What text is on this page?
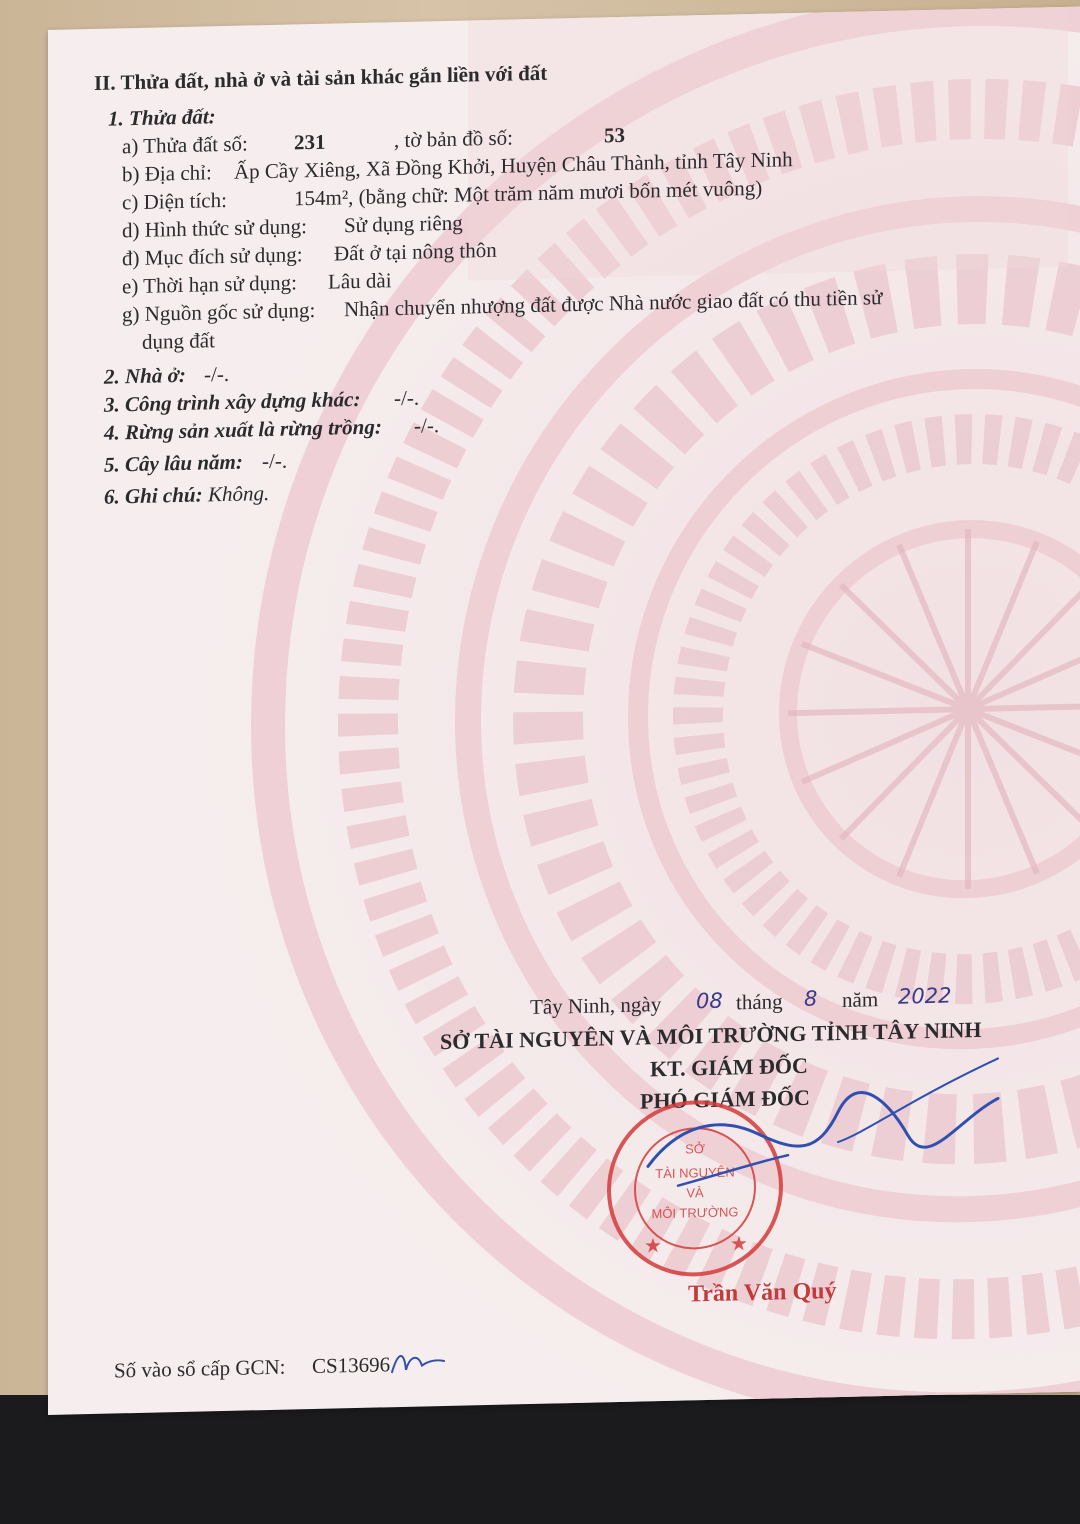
II. Thửa đất, nhà ở và tài sản khác gắn liền với đất
1. Thửa đất:
a) Thửa đất số: 231	, tờ bản đồ số:	53
b) Địa chỉ: Ấp Cầy Xiêng, Xã Đồng Khởi, Huyện Châu Thành, tỉnh Tây Ninh
c) Diện tích:	154m², (bằng chữ: Một trăm năm mươi bốn mét vuông)
d) Hình thức sử dụng: Sử dụng riêng
đ) Mục đích sử dụng: Đất ở tại nông thôn
e) Thời hạn sử dụng: Lâu dài
g) Nguồn gốc sử dụng: Nhận chuyển nhượng đất được Nhà nước giao đất có thu tiền sử
dụng đất
2. Nhà ở: -/-.
3. Công trình xây dựng khác: -/-.
4. Rừng sản xuất là rừng trồng: -/-.
5. Cây lâu năm: -/-.
6. Ghi chú: Không.
Tây Ninh, ngày 08 tháng 8 năm 2022
SỞ TÀI NGUYÊN VÀ MÔI TRƯỜNG TỈNH TÂY NINH
KT. GIÁM ĐỐC
PHÓ GIÁM ĐỐC
SỞ
TÀI NGUYÊN
VÀ
MÔI TRƯỜNG
★	★
Trần Văn Quý
Số vào sổ cấp GCN: CS13696
